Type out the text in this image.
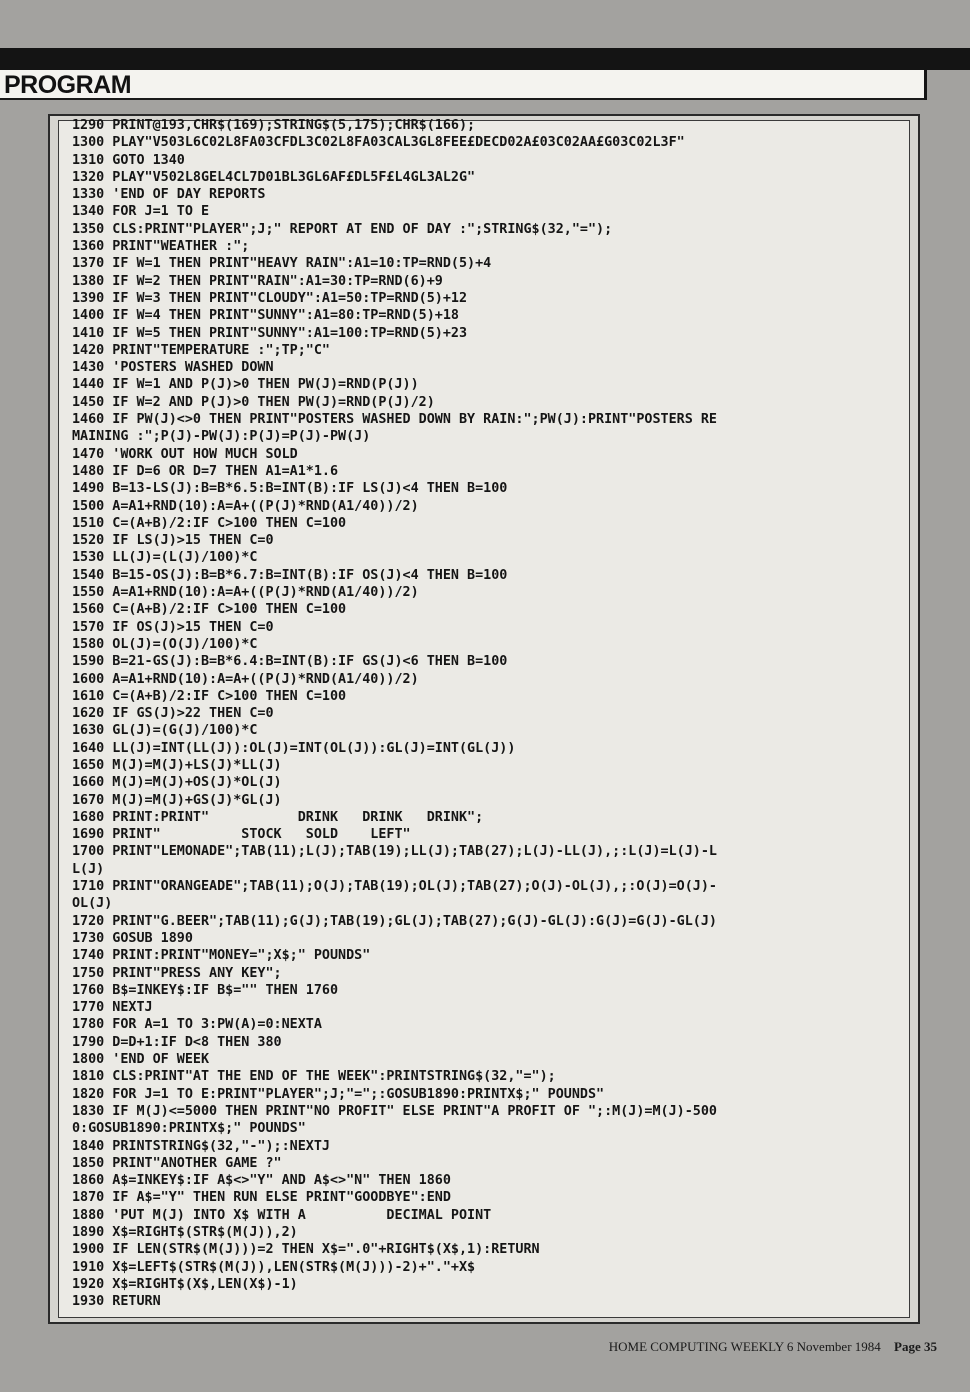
PROGRAM
1290 PRINT@193,CHR$(169);STRING$(5,175);CHR$(166);
1300 PLAY"V503L6C02L8FA03CFDL3C02L8FA03CAL3GL8FEE£DECD02A£03C02AA£G03C02L3F"
1310 GOTO 1340
1320 PLAY"V502L8GEL4CL7D01BL3GL6AF£DL5F£L4GL3AL2G"
1330 'END OF DAY REPORTS
1340 FOR J=1 TO E
1350 CLS:PRINT"PLAYER";J;" REPORT AT END OF DAY :";STRING$(32,"=");
1360 PRINT"WEATHER :";
1370 IF W=1 THEN PRINT"HEAVY RAIN":A1=10:TP=RND(5)+4
1380 IF W=2 THEN PRINT"RAIN":A1=30:TP=RND(6)+9
1390 IF W=3 THEN PRINT"CLOUDY":A1=50:TP=RND(5)+12
1400 IF W=4 THEN PRINT"SUNNY":A1=80:TP=RND(5)+18
1410 IF W=5 THEN PRINT"SUNNY":A1=100:TP=RND(5)+23
1420 PRINT"TEMPERATURE :";TP;"C"
1430 'POSTERS WASHED DOWN
1440 IF W=1 AND P(J)>0 THEN PW(J)=RND(P(J))
1450 IF W=2 AND P(J)>0 THEN PW(J)=RND(P(J)/2)
1460 IF PW(J)<>0 THEN PRINT"POSTERS WASHED DOWN BY RAIN:";PW(J):PRINT"POSTERS RE
MAINING :";P(J)-PW(J):P(J)=P(J)-PW(J)
1470 'WORK OUT HOW MUCH SOLD
1480 IF D=6 OR D=7 THEN A1=A1*1.6
1490 B=13-LS(J):B=B*6.5:B=INT(B):IF LS(J)<4 THEN B=100
1500 A=A1+RND(10):A=A+((P(J)*RND(A1/40))/2)
1510 C=(A+B)/2:IF C>100 THEN C=100
1520 IF LS(J)>15 THEN C=0
1530 LL(J)=(L(J)/100)*C
1540 B=15-OS(J):B=B*6.7:B=INT(B):IF OS(J)<4 THEN B=100
1550 A=A1+RND(10):A=A+((P(J)*RND(A1/40))/2)
1560 C=(A+B)/2:IF C>100 THEN C=100
1570 IF OS(J)>15 THEN C=0
1580 OL(J)=(O(J)/100)*C
1590 B=21-GS(J):B=B*6.4:B=INT(B):IF GS(J)<6 THEN B=100
1600 A=A1+RND(10):A=A+((P(J)*RND(A1/40))/2)
1610 C=(A+B)/2:IF C>100 THEN C=100
1620 IF GS(J)>22 THEN C=0
1630 GL(J)=(G(J)/100)*C
1640 LL(J)=INT(LL(J)):OL(J)=INT(OL(J)):GL(J)=INT(GL(J))
1650 M(J)=M(J)+LS(J)*LL(J)
1660 M(J)=M(J)+OS(J)*OL(J)
1670 M(J)=M(J)+GS(J)*GL(J)
1680 PRINT:PRINT"           DRINK   DRINK   DRINK";
1690 PRINT"          STOCK   SOLD    LEFT"
1700 PRINT"LEMONADE";TAB(11);L(J);TAB(19);LL(J);TAB(27);L(J)-LL(J),;:L(J)=L(J)-L
L(J)
1710 PRINT"ORANGEADE";TAB(11);O(J);TAB(19);OL(J);TAB(27);O(J)-OL(J),;:O(J)=O(J)-
OL(J)
1720 PRINT"G.BEER";TAB(11);G(J);TAB(19);GL(J);TAB(27);G(J)-GL(J):G(J)=G(J)-GL(J)
1730 GOSUB 1890
1740 PRINT:PRINT"MONEY=";X$;" POUNDS"
1750 PRINT"PRESS ANY KEY";
1760 B$=INKEY$:IF B$="" THEN 1760
1770 NEXTJ
1780 FOR A=1 TO 3:PW(A)=0:NEXTA
1790 D=D+1:IF D<8 THEN 380
1800 'END OF WEEK
1810 CLS:PRINT"AT THE END OF THE WEEK":PRINTSTRING$(32,"=");
1820 FOR J=1 TO E:PRINT"PLAYER";J;"=";:GOSUB1890:PRINTX$;" POUNDS"
1830 IF M(J)<=5000 THEN PRINT"NO PROFIT" ELSE PRINT"A PROFIT OF ";:M(J)=M(J)-500
0:GOSUB1890:PRINTX$;" POUNDS"
1840 PRINTSTRING$(32,"-");:NEXTJ
1850 PRINT"ANOTHER GAME ?"
1860 A$=INKEY$:IF A$<>"Y" AND A$<>"N" THEN 1860
1870 IF A$="Y" THEN RUN ELSE PRINT"GOODBYE":END
1880 'PUT M(J) INTO X$ WITH A          DECIMAL POINT
1890 X$=RIGHT$(STR$(M(J)),2)
1900 IF LEN(STR$(M(J)))=2 THEN X$=".0"+RIGHT$(X$,1):RETURN
1910 X$=LEFT$(STR$(M(J)),LEN(STR$(M(J)))-2)+"."+X$
1920 X$=RIGHT$(X$,LEN(X$)-1)
1930 RETURN
HOME COMPUTING WEEKLY 6 November 1984 Page 35
